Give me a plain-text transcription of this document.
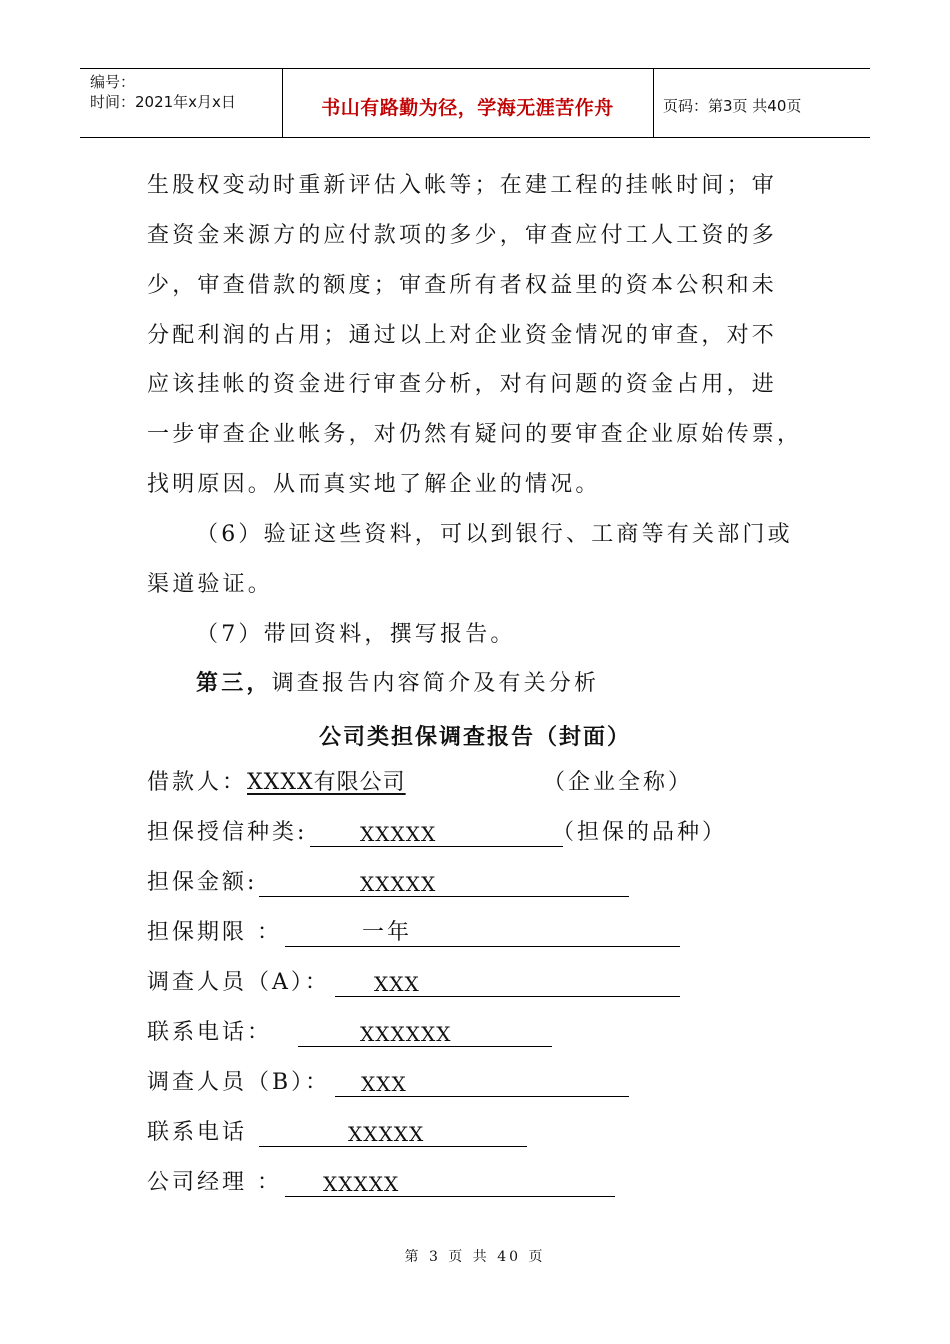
编号：
时间：2021年x月x日	书山有路勤为径，学海无涯苦作舟	页码：第3页 共40页
生股权变动时重新评估入帐等；在建工程的挂帐时间；审
查资金来源方的应付款项的多少，审查应付工人工资的多
少，审查借款的额度；审查所有者权益里的资本公积和未
分配利润的占用；通过以上对企业资金情况的审查，对不
应该挂帐的资金进行审查分析，对有问题的资金占用，进
一步审查企业帐务，对仍然有疑问的要审查企业原始传票，
找明原因。从而真实地了解企业的情况。
（6）验证这些资料，可以到银行、工商等有关部门或
渠道验证。
（7）带回资料，撰写报告。
第三，调查报告内容简介及有关分析
公司类担保调查报告（封面）
借款人：XXXX有限公司	（企业全称）
担保授信种类:	XXXXX	（担保的品种）
担保金额:	XXXXX
担保期限 ：	一年
调查人员（A）： XXX
联系电话：	XXXXXX
调查人员（B）： XXX
联系电话	XXXXX
公司经理 ： XXXXX
第 3 页 共 40 页
